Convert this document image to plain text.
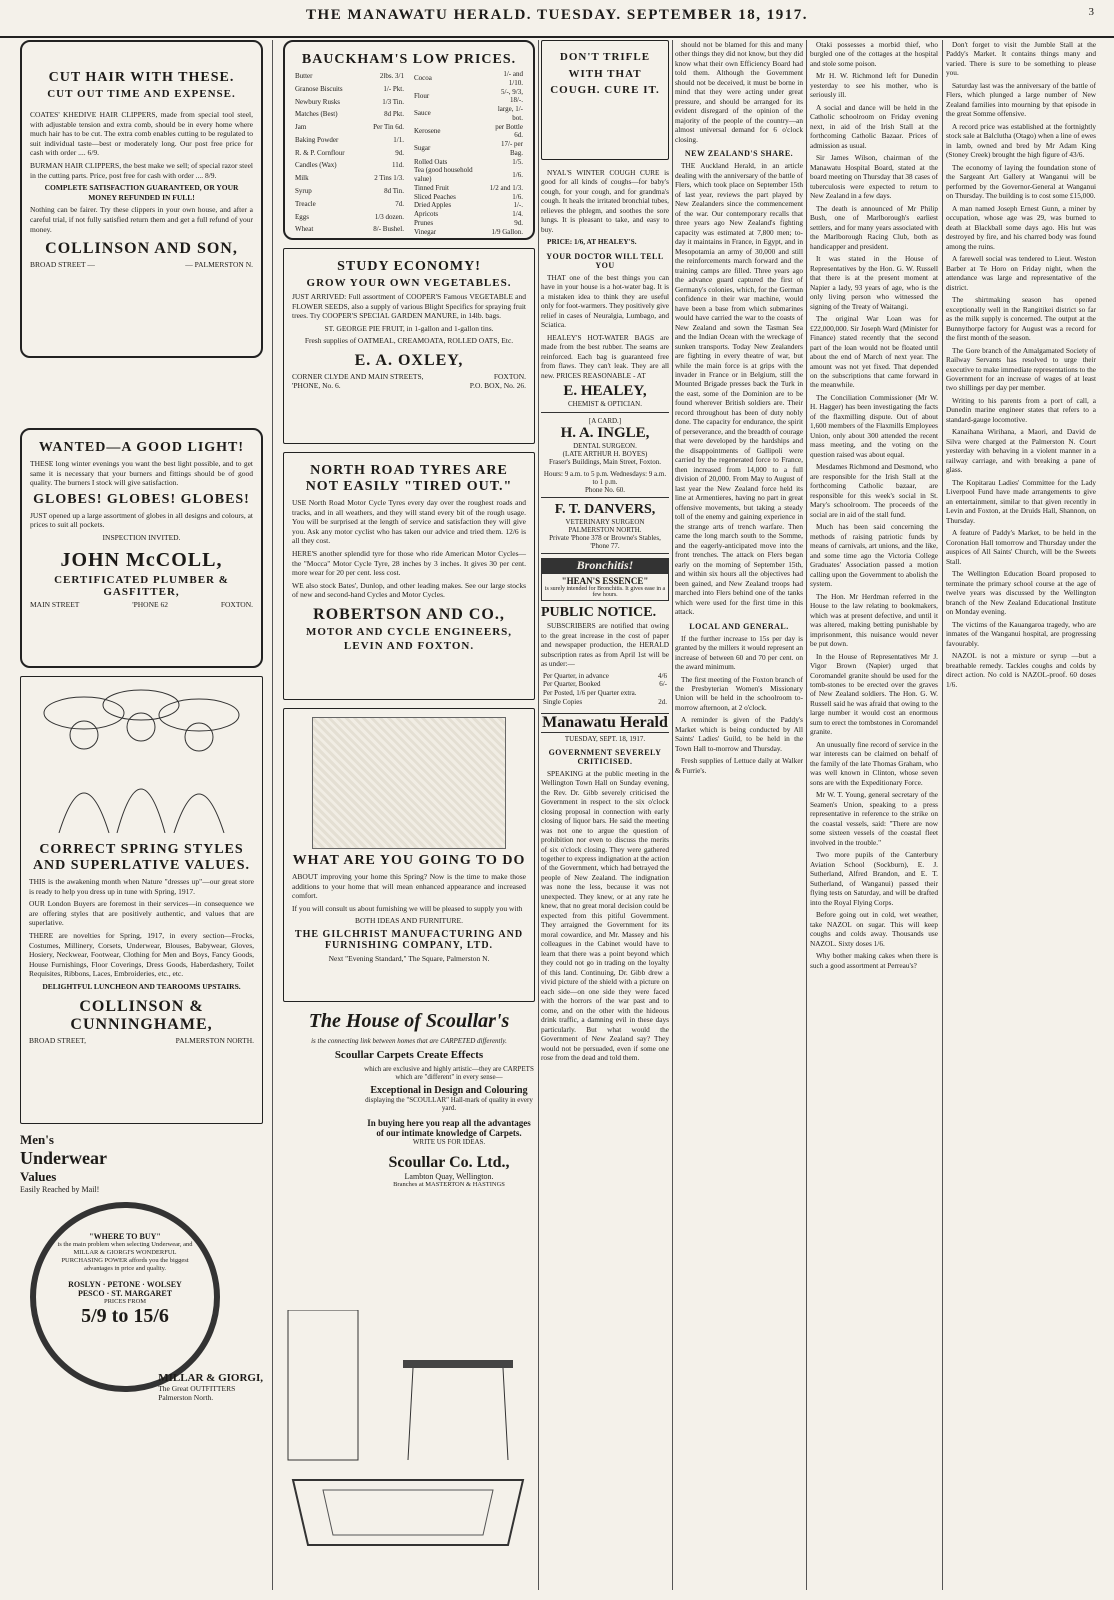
THE MANAWATU HERALD. TUESDAY. SEPTEMBER 18, 1917.	3
CUT HAIR WITH THESE.
CUT OUT TIME AND EXPENSE.

COATES' KHEDIVE HAIR CLIPPERS, made from special tool steel, with adjustable tension and extra comb, should be in every home where much hair has to be cut. The extra comb enables cutting to be regulated to suit individual taste—best or moderately long. Our post free price for cash with order .... 6/9.

BURMAN HAIR CLIPPERS, the best make we sell; of special razor steel in the cutting parts. Price, post free for cash with order .... 8/9.

COMPLETE SATISFACTION GUARANTEED, OR YOUR MONEY REFUNDED IN FULL!

Nothing can be fairer. Try these clippers in your own house, and after a careful trial, if not fully satisfied return them and get a full refund of your money.

COLLINSON AND SON,
BROAD STREET —	— PALMERSTON N.
WANTED—A GOOD LIGHT!

THESE long winter evenings you want the best light possible, and to get same it is necessary that your burners and fittings should be of good quality. The burners I stock will give satisfaction.

GLOBES! GLOBES! GLOBES!

JUST opened up a large assortment of globes in all designs and colours, at prices to suit all pockets.

INSPECTION INVITED.

JOHN McCOLL,
CERTIFICATED PLUMBER & GASFITTER,
MAIN STREET	'PHONE 62	FOXTON.
CORRECT SPRING STYLES AND SUPERLATIVE VALUES.

THIS is the awakening month when Nature "dresses up"—our great store is ready to help you dress up in tune with Spring, 1917.

OUR London Buyers are foremost in their services—in consequence we are offering styles that are positively authentic, and values that are superlative.

THERE are novelties for Spring, 1917, in every section—Frocks, Costumes, Millinery, Corsets, Underwear, Blouses, Babywear, Gloves, Hosiery, Neckwear, Footwear, Clothing for Men and Boys, Fancy Goods, House Furnishings, Floor Coverings, Dress Goods, Haberdashery, Toilet Requisites, Ribbons, Laces, Embroideries, etc., etc.

DELIGHTFUL LUNCHEON AND TEAROOMS UPSTAIRS.

COLLINSON & CUNNINGHAME,
BROAD STREET,	PALMERSTON NORTH.
Men's
Underwear
Values
Easily Reached by Mail!
"WHERE TO BUY"
is the main problem when selecting Underwear, and MILLAR & GIORGI'S WONDERFUL PURCHASING POWER affords you the biggest advantages in price and quality.
ROSLYN · PETONE · WOLSEY PESCO · ST. MARGARET
PRICES FROM
5/9 to 15/6
MILLAR & GIORGI,
The Great OUTFITTERS
Palmerston North.
BAUCKHAM'S LOW PRICES.
Butter	2lbs. 3/1
Granose Biscuits	1/- Pkt.
Newbury Rusks	1/3 Tin.
Matches (Best)	8d Pkt.
Jam	Per Tin 6d.
Baking Powder	1/1.
R. & P. Cornflour	9d.
Candles (Wax)	11d.
Milk	2 Tins 1/3.
Syrup	8d Tin.
Treacle	7d.
Eggs	1/3 dozen.
Wheat	8/- Bushel.
Cocoa	1/- and 1/10.
Flour	5/-, 9/3, 18/-.
Sauce	large, 1/- bot.
Kerosene	per Bottle 6d.
Sugar	17/- per Bag.
Rolled Oats	1/5.
Tea (good household value)	1/6.
Tinned Fruit	1/2 and 1/3.
Sliced Peaches	1/6.
Dried Apples	1/-.
Apricots	1/4.
Prunes	9d.
Vinegar	1/9 Gallon.
STUDY ECONOMY!
GROW YOUR OWN VEGETABLES.

JUST ARRIVED: Full assortment of COOPER'S Famous VEGETABLE and FLOWER SEEDS, also a supply of various Blight Specifics for spraying fruit trees. Try COOPER'S SPECIAL GARDEN MANURE, in 14lb. bags.

ST. GEORGE PIE FRUIT, in 1-gallon and 1-gallon tins.

Fresh supplies of OATMEAL, CREAMOATA, ROLLED OATS, Etc.

E. A. OXLEY,
CORNER CLYDE AND MAIN STREETS,	FOXTON.
'PHONE, No. 6.	P.O. BOX, No. 26.
NORTH ROAD TYRES ARE NOT EASILY "TIRED OUT."

USE North Road Motor Cycle Tyres every day over the roughest roads and tracks, and in all weathers, and they will stand every bit of the rough usage. You will be surprised at the length of service and satisfaction they will give you. Ask any motor cyclist who has taken our advice and tried them. 12/6 is all they cost.

HERE'S another splendid tyre for those who ride American Motor Cycles—the "Mocca" Motor Cycle Tyre, 28 inches by 3 inches. It gives 30 per cent. more wear for 20 per cent. less cost.

WE also stock Bates', Dunlop, and other leading makes. See our large stocks of new and second-hand Cycles and Motor Cycles.

ROBERTSON AND CO.,
MOTOR AND CYCLE ENGINEERS,
LEVIN AND FOXTON.
WHAT ARE YOU GOING TO DO

ABOUT improving your home this Spring? Now is the time to make those additions to your home that will mean enhanced appearance and increased comfort.

If you will consult us about furnishing we will be pleased to supply you with

BOTH IDEAS AND FURNITURE.

THE GILCHRIST MANUFACTURING AND FURNISHING COMPANY, LTD.

Next "Evening Standard," The Square, Palmerston N.

The House of Scoullar's
is the connecting link between homes that are CARPETED differently.
Scoullar Carpets Create Effects
which are exclusive and highly artistic—they are CARPETS which are "different" in every sense—
Exceptional in Design and Colouring
displaying the "SCOULLAR" Hall-mark of quality in every yard.
In buying here you reap all the advantages of our intimate knowledge of Carpets.
WRITE US FOR IDEAS.
Scoullar Co. Ltd.,
Lambton Quay, Wellington.
Branches at MASTERTON & HASTINGS
DON'T TRIFLE WITH THAT COUGH. CURE IT.

NYAL'S WINTER COUGH CURE is good for all kinds of coughs—for baby's cough, for your cough, and for grandma's cough. It heals the irritated bronchial tubes, relieves the phlegm, and soothes the sore lungs. It is pleasant to take, and easy to buy.

PRICE: 1/6, AT HEALEY'S.

YOUR DOCTOR WILL TELL YOU

THAT one of the best things you can have in your house is a hot-water bag. It is a mistaken idea to think they are useful only for foot-warmers. They positively give relief in cases of Neuralgia, Lumbago, and Sciatica.

HEALEY'S HOT-WATER BAGS are made from the best rubber. The seams are reinforced. Each bag is guaranteed free from flaws. They can't leak. They are all new. PRICES REASONABLE - AT

E. HEALEY,
CHEMIST & OPTICIAN.
[A CARD.]
H. A. INGLE,
DENTAL SURGEON.
(LATE ARTHUR H. BOYES)
Fraser's Buildings, Main Street, Foxton.
Hours: 9 a.m. to 5 p.m. Wednesdays: 9 a.m. to 1 p.m.
Phone No. 60.
F. T. DANVERS,
VETERINARY SURGEON
PALMERSTON NORTH.
Private 'Phone 378 or Browne's Stables, 'Phone 77.
Bronchitis!
"HEAN'S ESSENCE"
is surely intended for Bronchitis. It gives ease in a few hours.
PUBLIC NOTICE.

SUBSCRIBERS are notified that owing to the great increase in the cost of paper and newspaper production, the HERALD subscription rates as from April 1st will be as under:—

Per Quarter, in advance	4/6
Per Quarter, Booked	6/-
Per Posted, 1/6 per Quarter extra.	
Single Copies	2d.
Manawatu Herald
TUESDAY, SEPT. 18, 1917.
GOVERNMENT SEVERELY CRITICISED.

SPEAKING at the public meeting in the Wellington Town Hall on Sunday evening, the Rev. Dr. Gibb severely criticised the Government in respect to the six o'clock closing proposal in connection with early closing of liquor bars. He said the meeting was not one to argue the question of prohibition nor even to discuss the merits of six o'clock closing. They were gathered together to express indignation at the action of the Government, which had betrayed the people of New Zealand. The indignation was none the less, because it was not unexpected. They knew, or at any rate he knew, that no great moral decision could be expected from this pitiful Government. They arraigned the Government for its moral cowardice, and Mr. Massey and his colleagues in the Cabinet would have to learn that there was a point beyond which they could not go in trading on the loyalty of this land. Continuing, Dr. Gibb drew a vivid picture of the shield with a picture on each side—on one side they were faced with the horrors of the war past and to come, and on the other with the hideous drink traffic, a damning evil in these days particularly. But what would the Government of New Zealand say? They would not be persuaded, even if some one rose from the dead and told them.

should not be blamed for this and many other things they did not know, but they did know what their own Efficiency Board had told them. Although the Government should not be deceived, it must be borne in mind that they were acting under great pressure, and should be arranged for its evident disregard of the opinion of the majority of the people of the country—an almost universal demand for 6 o'clock closing.

NEW ZEALAND'S SHARE.

THE Auckland Herald, in an article dealing with the anniversary of the battle of Flers, which took place on September 15th of last year, reviews the part played by New Zealanders since the commencement of the war. Our contemporary recalls that three years ago New Zealand's fighting capacity was estimated at 7,800 men; to-day it maintains in France, in Egypt, and in Mesopotamia an army of 30,000 and still the reinforcements march forward and the training camps are filled. Three years ago the advance guard captured the first of Germany's colonies, which, for the German confidence in their war machine, would have been a base from which submarines would have carried the war to the coasts of New Zealand and sown the Tasman Sea and the Indian Ocean with the wreckage of sunken transports. Today New Zealanders are fighting in every theatre of war, but while the main force is at grips with the invader in France or in Belgium, still the Mounted Brigade presses back the Turk in the east, some of the Dominion are to be found wherever British soldiers are. Their record throughout has been of duty nobly done. The capacity for endurance, the spirit of perseverance, and the breadth of courage that were developed by the hardships and the disappointments of Gallipoli were carried by the regenerated force to France, then increased from 14,000 to a full division of 20,000. From May to August of last year the New Zealand force held its line at Armentieres, having no part in great offensive movements, but taking a steady toll of the enemy and gaining experience in the strange arts of trench warfare. Then came the long march south to the Somme, and the eagerly-anticipated move into the front trenches. The attack on Flers began early on the morning of September 15th, and within six hours all the objectives had been gained, and New Zealand troops had marched into Flers behind one of the tanks which were used for the first time in this attack.

LOCAL AND GENERAL.

If the further increase to 15s per day is granted by the millers it would represent an increase of between 60 and 70 per cent. on the award minimum.

The first meeting of the Foxton branch of the Presbyterian Women's Missionary Union will be held in the schoolroom to-morrow afternoon, at 2 o'clock.

A reminder is given of the Paddy's Market which is being conducted by All Saints' Ladies' Guild, to be held in the Town Hall to-morrow and Thursday.

Fresh supplies of Lettuce daily at Walker & Furrie's.

Otaki possesses a morbid thief, who burgled one of the cottages at the hospital and stole some poison.

Mr H. W. Richmond left for Dunedin yesterday to see his mother, who is seriously ill.

A social and dance will be held in the Catholic schoolroom on Friday evening next, in aid of the Irish Stall at the forthcoming Catholic Bazaar. Prices of admission as usual.

Sir James Wilson, chairman of the Manawatu Hospital Board, stated at the board meeting on Thursday that 38 cases of tuberculosis were expected to return to New Zealand in a few days.

The death is announced of Mr Philip Bush, one of Marlborough's earliest settlers, and for many years associated with the Marlborough Racing Club, both as handicapper and president.

It was stated in the House of Representatives by the Hon. G. W. Russell that there is at the present moment at Napier a lady, 93 years of age, who is the only living person who witnessed the signing of the Treaty of Waitangi.

The original War Loan was for £22,000,000. Sir Joseph Ward (Minister for Finance) stated recently that the second part of the loan would not be floated until about the end of March of next year. The amount was not yet fixed. That depended on the subscriptions that came forward in the meanwhile.

The Conciliation Commissioner (Mr W. H. Hagger) has been investigating the facts of the flaxmilling dispute. Out of about 1,600 members of the Flaxmills Employees Union, only about 300 attended the recent mass meeting, and the voting on the question raised was about equal.

Mesdames Richmond and Desmond, who are responsible for the Irish Stall at the forthcoming Catholic bazaar, are responsible for this week's social in St. Mary's schoolroom. The proceeds of the social are in aid of the stall fund.

Much has been said concerning the methods of raising patriotic funds by means of carnivals, art unions, and the like, and some time ago the Victoria College Graduates' Association passed a motion calling upon the Government to abolish the system.

The Hon. Mr Herdman referred in the House to the law relating to bookmakers, which was at present defective, and until it was altered, making betting punishable by imprisonment, this nuisance would never be put down.

In the House of Representatives Mr J. Vigor Brown (Napier) urged that Coromandel granite should be used for the tomb-stones to be erected over the graves of New Zealand soldiers. The Hon. G. W. Russell said he was afraid that owing to the large number it would cost an enormous sum to erect the tombstones in Coromandel granite.

An unusually fine record of service in the war interests can be claimed on behalf of the family of the late Thomas Graham, who was well known in Clinton, whose seven sons are with the Expeditionary Force.

Mr W. T. Young, general secretary of the Seamen's Union, speaking to a press representative in reference to the strike on the coastal vessels, said: "There are now some sixteen vessels of the coastal fleet involved in the trouble."

Two more pupils of the Canterbury Aviation School (Sockburn), E. J. Sutherland, Alfred Brandon, and E. T. Sutherland, of Wanganui) passed their flying tests on Saturday, and will be drafted into the Royal Flying Corps.

Before going out in cold, wet weather, take NAZOL on sugar. This will keep coughs and colds away. Thousands use NAZOL. Sixty doses 1/6.

Why bother making cakes when there is such a good assortment at Perreau's?

Don't forget to visit the Jumble Stall at the Paddy's Market. It contains things many and varied. There is sure to be something to please you.

Saturday last was the anniversary of the battle of Flers, which plunged a large number of New Zealand families into mourning by that episode in the great Somme offensive.

A record price was established at the fortnightly stock sale at Balclutha (Otago) when a line of ewes in lamb, owned and bred by Mr Adam King (Stoney Creek) brought the high figure of 43/6.

The economy of laying the foundation stone of the Sargeant Art Gallery at Wanganui will be performed by the Governor-General at Wanganui on Thursday. The building is to cost some £15,000.

A man named Joseph Ernest Gunn, a miner by occupation, whose age was 29, was burned to death at Blackball some days ago. His hut was destroyed by fire, and his charred body was found among the ruins.

A farewell social was tendered to Lieut. Weston Barber at Te Horo on Friday night, when the attendance was large and representative of the district.

The shirtmaking season has opened exceptionally well in the Rangitikei district so far as the milk supply is concerned. The output at the Bunnythorpe factory for August was a record for the first month of the season.

The Gore branch of the Amalgamated Society of Railway Servants has resolved to urge their executive to make immediate representations to the Government for an increase of wages of at least two shillings per day per member.

Writing to his parents from a port of call, a Dunedin marine engineer states that refers to a standard-gauge locomotive.

Kanaihana Wirihana, a Maori, and David de Silva were charged at the Palmerston N. Court yesterday with behaving in a violent manner in a railway carriage, and with breaking a pane of glass.

The Kopitarau Ladies' Committee for the Lady Liverpool Fund have made arrangements to give an entertainment, similar to that given recently in Levin and Foxton, at the Druids Hall, Shannon, on Thursday.

A feature of Paddy's Market, to be held in the Coronation Hall tomorrow and Thursday under the auspices of All Saints' Church, will be the Sweets Stall.

The Wellington Education Board proposed to terminate the primary school course at the age of twelve years was discussed by the Wellington branch of the New Zealand Educational Institute on Monday evening.

The victims of the Kauangaroa tragedy, who are inmates of the Wanganui hospital, are progressing favourably.

NAZOL is not a mixture or syrup —but a breathable remedy. Tackles coughs and colds by direct action. No cold is NAZOL-proof. 60 doses 1/6.
